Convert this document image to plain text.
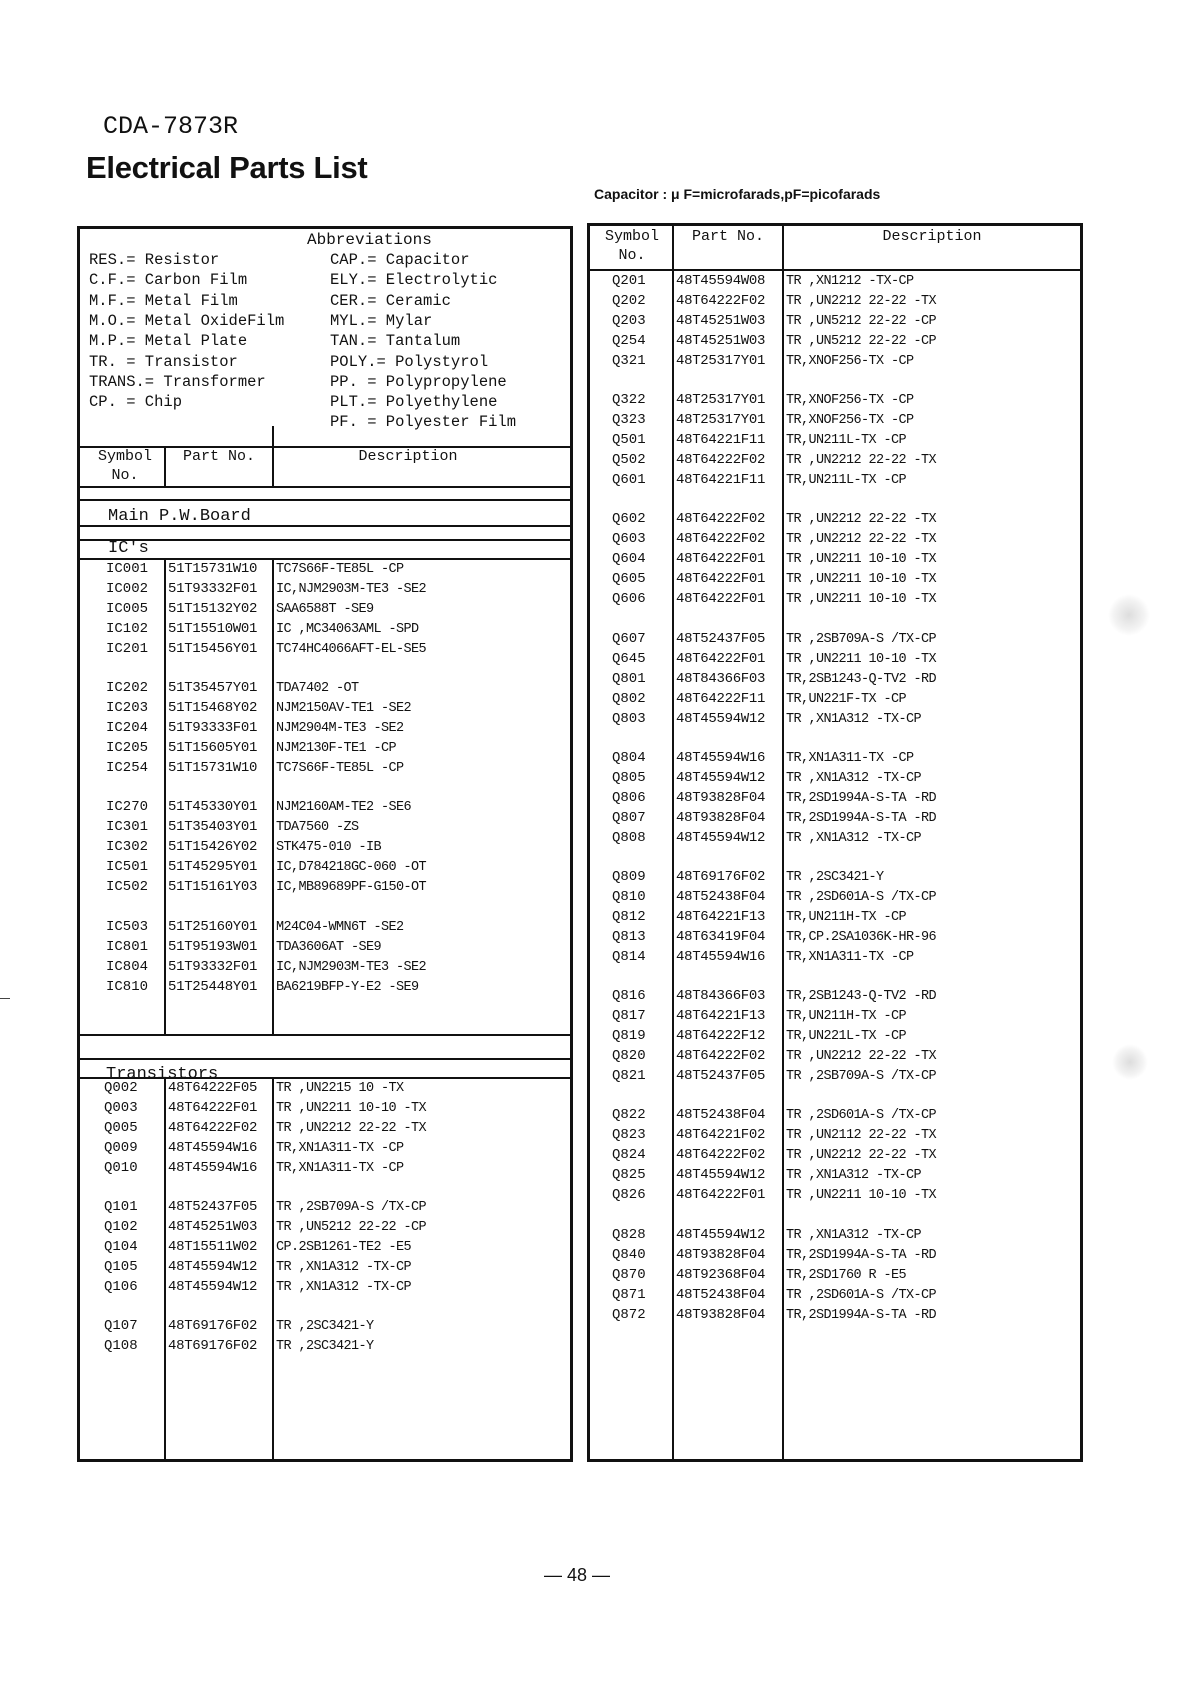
CDA-7873R
Electrical Parts List
Capacitor : μ F=microfarads,pF=picofarads
Abbreviations
RES.= Resistor
C.F.= Carbon Film
M.F.= Metal Film
M.O.= Metal OxideFilm
M.P.= Metal Plate
TR. = Transistor
TRANS.= Transformer
CP. = Chip
CAP.= Capacitor
ELY.= Electrolytic
CER.= Ceramic
MYL.= Mylar
TAN.= Tantalum
POLY.= Polystyrol
PP. = Polypropylene
PLT.= Polyethylene
PF. = Polyester Film
Symbol
No.
Part No.	Description
Main P.W.Board
IC's
IC001 51T15731W10 TC7S66F-TE85L -CP
IC002 51T93332F01 IC,NJM2903M-TE3 -SE2
IC005 51T15132Y02 SAA6588T -SE9
IC102 51T15510W01 IC ,MC34063AML -SPD
IC201 51T15456Y01 TC74HC4066AFT-EL-SE5
IC202 51T35457Y01 TDA7402 -OT
IC203 51T15468Y02 NJM2150AV-TE1 -SE2
IC204 51T93333F01 NJM2904M-TE3 -SE2
IC205 51T15605Y01 NJM2130F-TE1 -CP
IC254 51T15731W10 TC7S66F-TE85L -CP
IC270 51T45330Y01 NJM2160AM-TE2 -SE6
IC301 51T35403Y01 TDA7560 -ZS
IC302 51T15426Y02 STK475-010 -IB
IC501 51T45295Y01 IC,D784218GC-060 -OT
IC502 51T15161Y03 IC,MB89689PF-G150-OT
IC503 51T25160Y01 M24C04-WMN6T -SE2
IC801 51T95193W01 TDA3606AT -SE9
IC804 51T93332F01 IC,NJM2903M-TE3 -SE2
IC810 51T25448Y01 BA6219BFP-Y-E2 -SE9
Transistors
Q002 48T64222F05 TR ,UN2215 10 -TX
Q003 48T64222F01 TR ,UN2211 10-10 -TX
Q005 48T64222F02 TR ,UN2212 22-22 -TX
Q009 48T45594W16 TR,XN1A311-TX -CP
Q010 48T45594W16 TR,XN1A311-TX -CP
Q101 48T52437F05 TR ,2SB709A-S /TX-CP
Q102 48T45251W03 TR ,UN5212 22-22 -CP
Q104 48T15511W02 CP.2SB1261-TE2 -E5
Q105 48T45594W12 TR ,XN1A312 -TX-CP
Q106 48T45594W12 TR ,XN1A312 -TX-CP
Q107 48T69176F02 TR ,2SC3421-Y
Q108 48T69176F02 TR ,2SC3421-Y
Symbol
No.
Part No.	Description
Q201 48T45594W08 TR ,XN1212 -TX-CP
Q202 48T64222F02 TR ,UN2212 22-22 -TX
Q203 48T45251W03 TR ,UN5212 22-22 -CP
Q254 48T45251W03 TR ,UN5212 22-22 -CP
Q321 48T25317Y01 TR,XNOF256-TX -CP
Q322 48T25317Y01 TR,XNOF256-TX -CP
Q323 48T25317Y01 TR,XNOF256-TX -CP
Q501 48T64221F11 TR,UN211L-TX -CP
Q502 48T64222F02 TR ,UN2212 22-22 -TX
Q601 48T64221F11 TR,UN211L-TX -CP
Q602 48T64222F02 TR ,UN2212 22-22 -TX
Q603 48T64222F02 TR ,UN2212 22-22 -TX
Q604 48T64222F01 TR ,UN2211 10-10 -TX
Q605 48T64222F01 TR ,UN2211 10-10 -TX
Q606 48T64222F01 TR ,UN2211 10-10 -TX
Q607 48T52437F05 TR ,2SB709A-S /TX-CP
Q645 48T64222F01 TR ,UN2211 10-10 -TX
Q801 48T84366F03 TR,2SB1243-Q-TV2 -RD
Q802 48T64222F11 TR,UN221F-TX -CP
Q803 48T45594W12 TR ,XN1A312 -TX-CP
Q804 48T45594W16 TR,XN1A311-TX -CP
Q805 48T45594W12 TR ,XN1A312 -TX-CP
Q806 48T93828F04 TR,2SD1994A-S-TA -RD
Q807 48T93828F04 TR,2SD1994A-S-TA -RD
Q808 48T45594W12 TR ,XN1A312 -TX-CP
Q809 48T69176F02 TR ,2SC3421-Y
Q810 48T52438F04 TR ,2SD601A-S /TX-CP
Q812 48T64221F13 TR,UN211H-TX -CP
Q813 48T63419F04 TR,CP.2SA1036K-HR-96
Q814 48T45594W16 TR,XN1A311-TX -CP
Q816 48T84366F03 TR,2SB1243-Q-TV2 -RD
Q817 48T64221F13 TR,UN211H-TX -CP
Q819 48T64222F12 TR,UN221L-TX -CP
Q820 48T64222F02 TR ,UN2212 22-22 -TX
Q821 48T52437F05 TR ,2SB709A-S /TX-CP
Q822 48T52438F04 TR ,2SD601A-S /TX-CP
Q823 48T64221F02 TR ,UN2112 22-22 -TX
Q824 48T64222F02 TR ,UN2212 22-22 -TX
Q825 48T45594W12 TR ,XN1A312 -TX-CP
Q826 48T64222F01 TR ,UN2211 10-10 -TX
Q828 48T45594W12 TR ,XN1A312 -TX-CP
Q840 48T93828F04 TR,2SD1994A-S-TA -RD
Q870 48T92368F04 TR,2SD1760 R -E5
Q871 48T52438F04 TR ,2SD601A-S /TX-CP
Q872 48T93828F04 TR,2SD1994A-S-TA -RD
— 48 —
